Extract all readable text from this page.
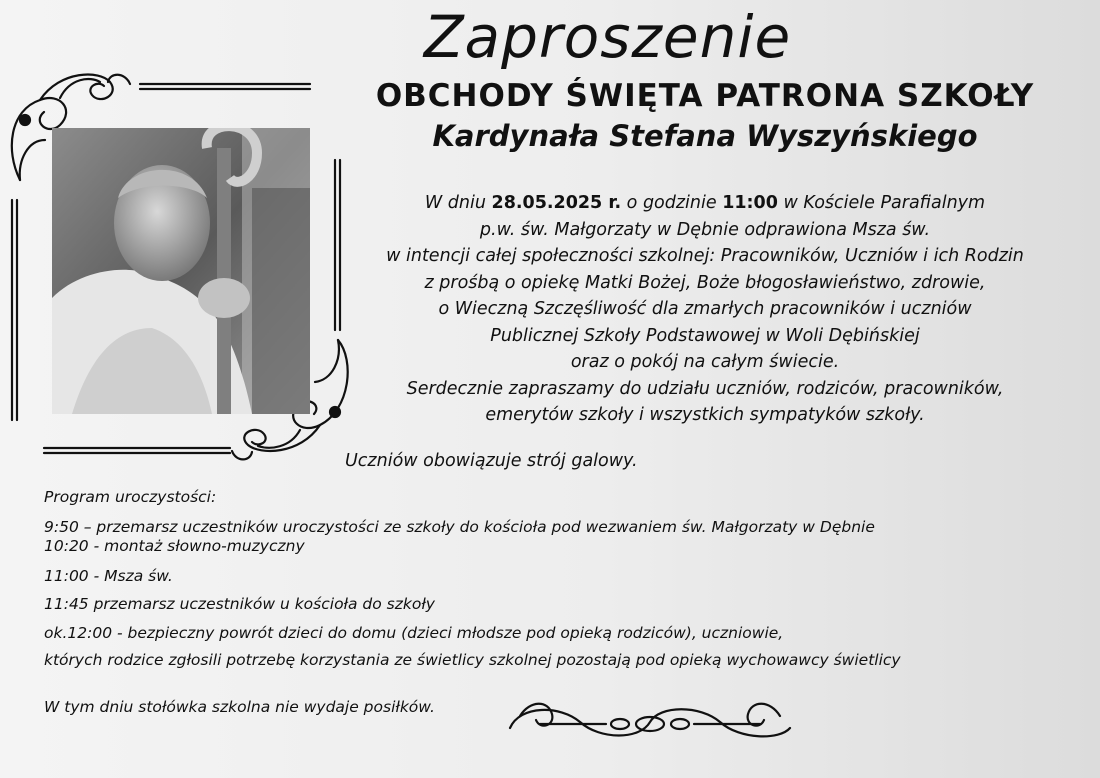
Zaproszenie
OBCHODY ŚWIĘTA PATRONA SZKOŁY
Kardynała Stefana Wyszyńskiego
W dniu 28.05.2025 r. o godzinie 11:00 w Kościele Parafialnym
p.w. św. Małgorzaty w Dębnie odprawiona Msza św.
w intencji całej społeczności szkolnej: Pracowników, Uczniów i ich Rodzin
z prośbą o opiekę Matki Bożej, Boże błogosławieństwo, zdrowie,
o Wieczną Szczęśliwość dla zmarłych pracowników i uczniów
Publicznej Szkoły Podstawowej w Woli Dębińskiej
oraz o pokój na całym świecie.
Serdecznie zapraszamy do udziału uczniów, rodziców, pracowników,
emerytów szkoły i wszystkich sympatyków szkoły.
Uczniów obowiązuje strój galowy.
Program uroczystości:
9:50 – przemarsz uczestników uroczystości ze szkoły do kościoła pod wezwaniem św. Małgorzaty w Dębnie
10:20 - montaż słowno-muzyczny
11:00 - Msza św.
11:45 przemarsz uczestników u kościoła do szkoły
ok.12:00 - bezpieczny powrót dzieci do domu (dzieci młodsze pod opieką rodziców), uczniowie,
których rodzice zgłosili potrzebę korzystania ze świetlicy szkolnej pozostają pod opieką wychowawcy świetlicy
W tym dniu stołówka szkolna nie wydaje posiłków.
